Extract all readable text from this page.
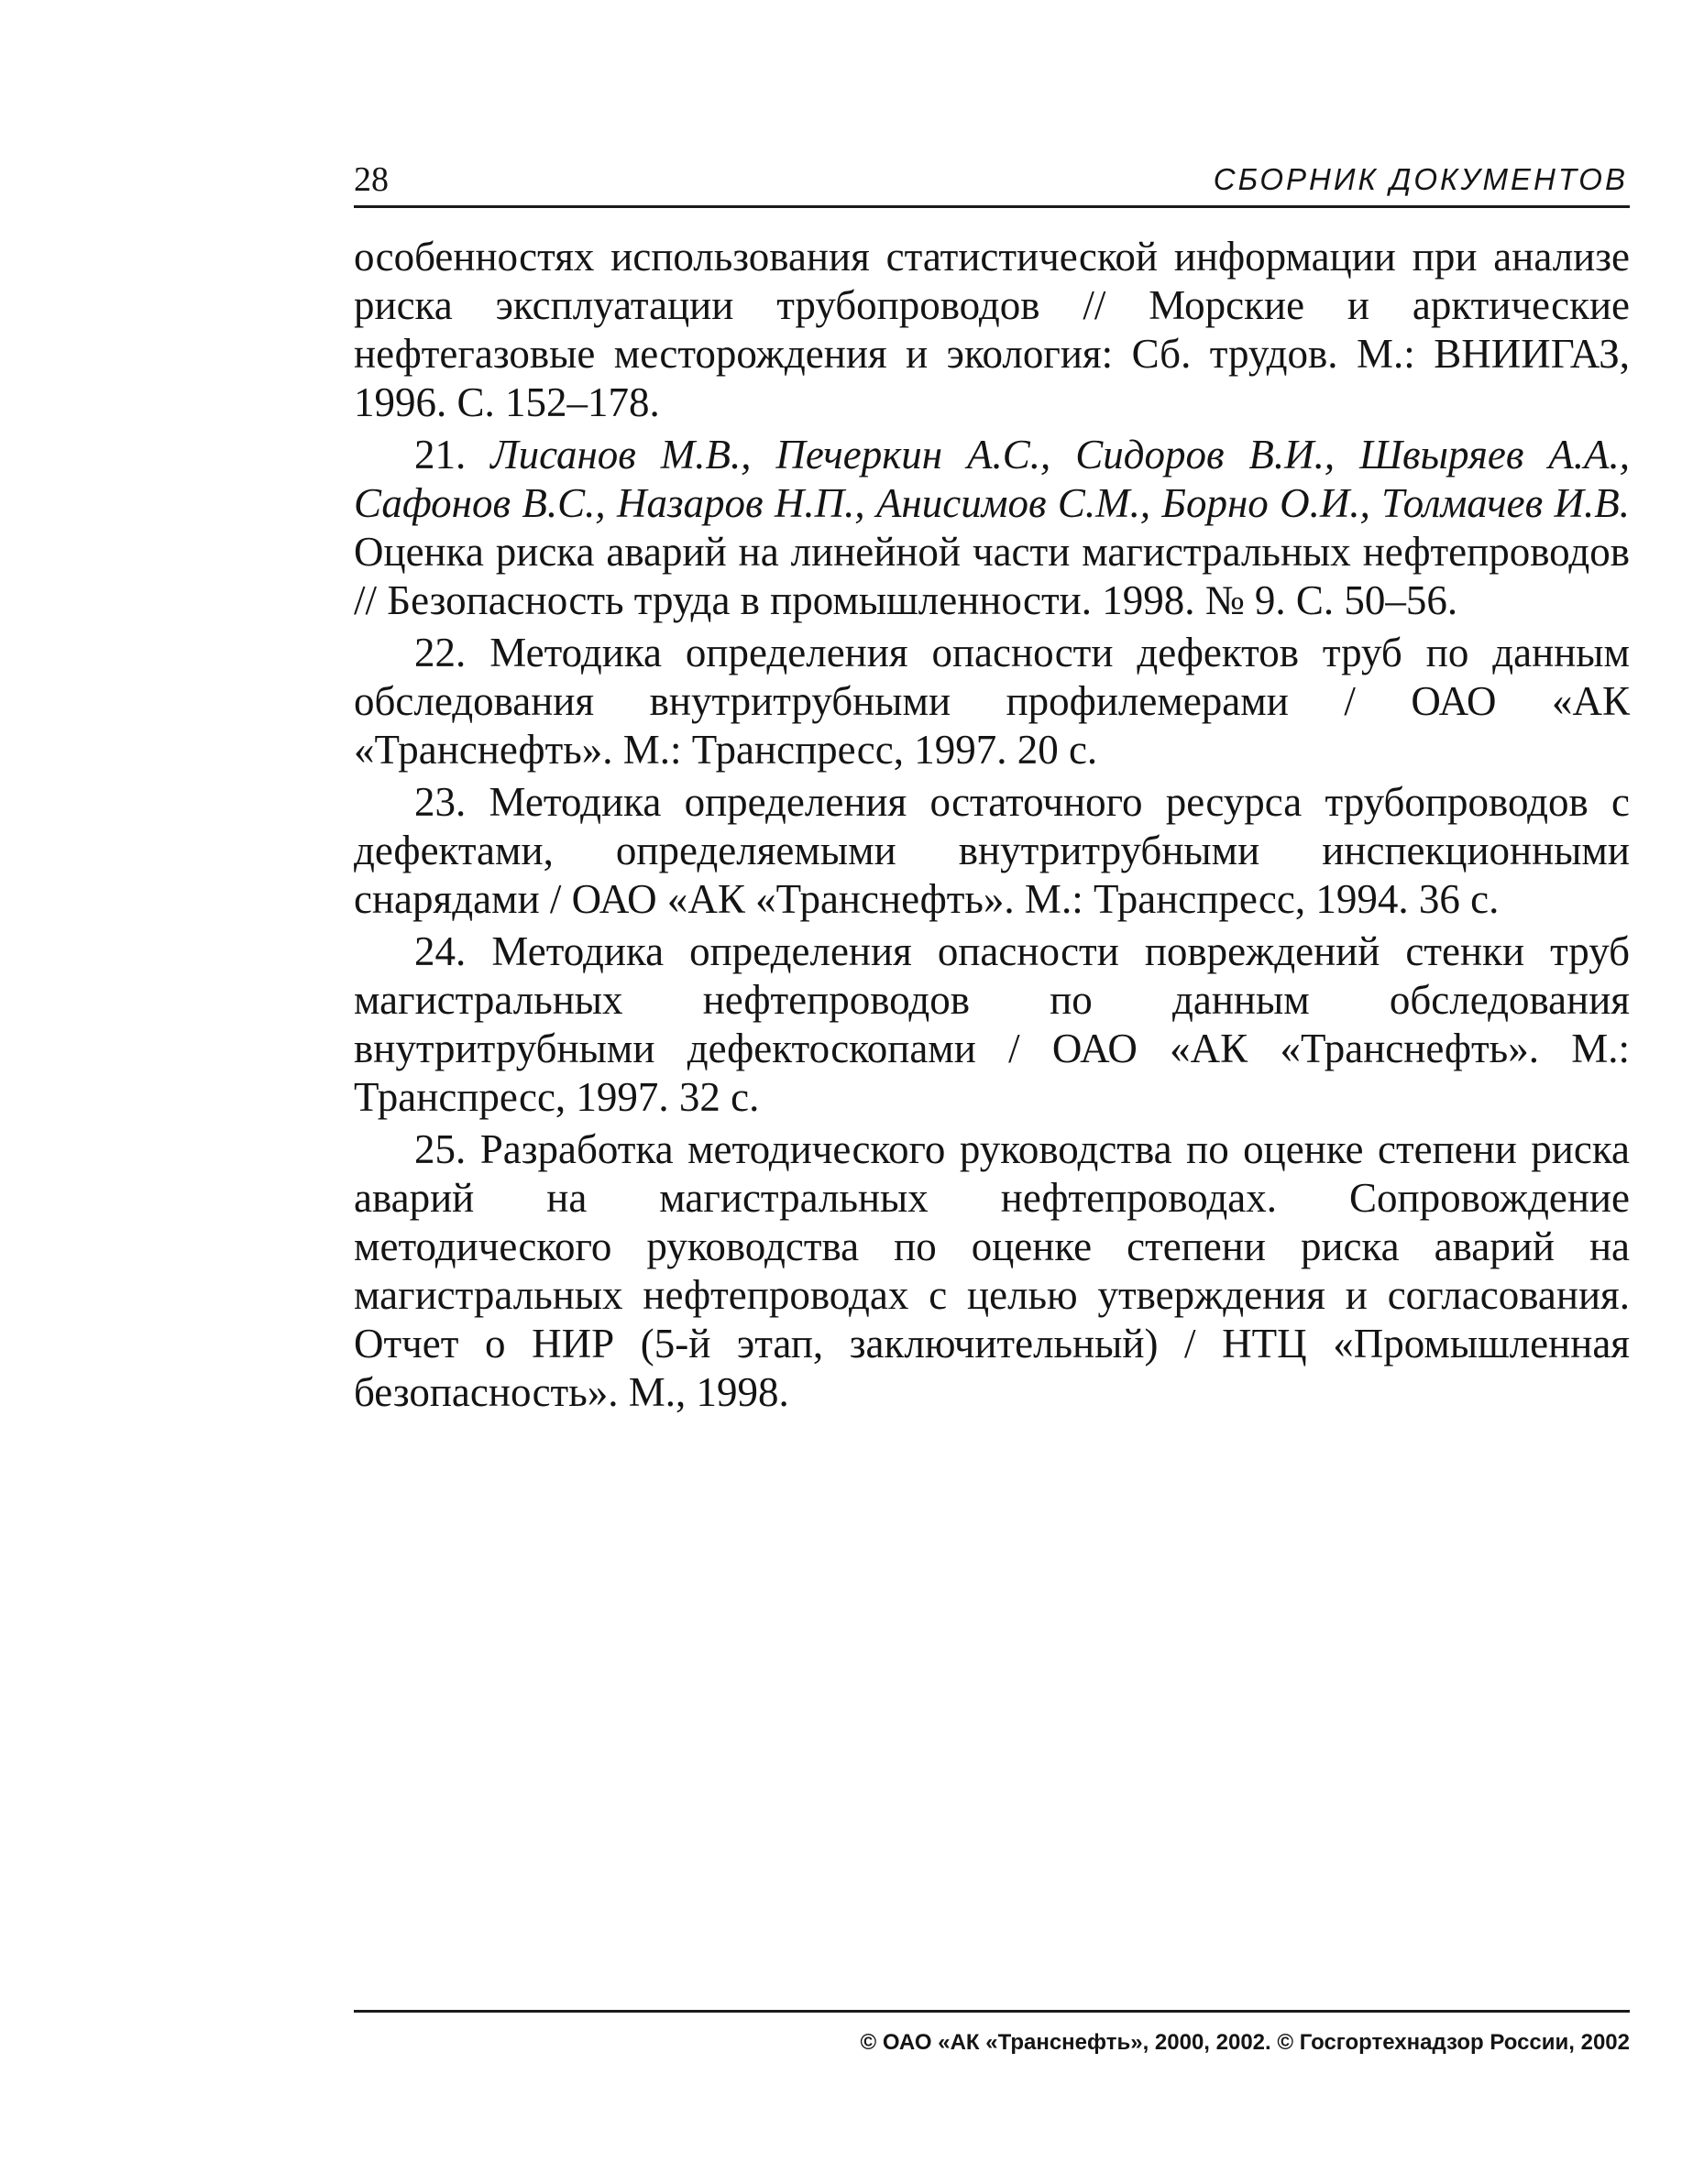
28	СБОРНИК ДОКУМЕНТОВ

особенностях использования статистической информации при анализе риска эксплуатации трубопроводов // Морские и арктические нефтегазовые месторождения и экология: Сб. трудов. М.: ВНИИГАЗ, 1996. С. 152–178.

21. Лисанов М.В., Печеркин А.С., Сидоров В.И., Швыряев А.А., Сафонов В.С., Назаров Н.П., Анисимов С.М., Борно О.И., Толмачев И.В. Оценка риска аварий на линейной части магистральных нефтепроводов // Безопасность труда в промышленности. 1998. № 9. С. 50–56.

22. Методика определения опасности дефектов труб по данным обследования внутритрубными профилемерами / ОАО «АК «Транснефть». М.: Транспресс, 1997. 20 с.

23. Методика определения остаточного ресурса трубопроводов с дефектами, определяемыми внутритрубными инспекционными снарядами / ОАО «АК «Транснефть». М.: Транспресс, 1994. 36 с.

24. Методика определения опасности повреждений стенки труб магистральных нефтепроводов по данным обследования внутритрубными дефектоскопами / ОАО «АК «Транснефть». М.: Транспресс, 1997. 32 с.

25. Разработка методического руководства по оценке степени риска аварий на магистральных нефтепроводах. Сопровождение методического руководства по оценке степени риска аварий на магистральных нефтепроводах с целью утверждения и согласования. Отчет о НИР (5-й этап, заключительный) / НТЦ «Промышленная безопасность». М., 1998.

© ОАО «АК «Транснефть», 2000, 2002. © Госгортехнадзор России, 2002
